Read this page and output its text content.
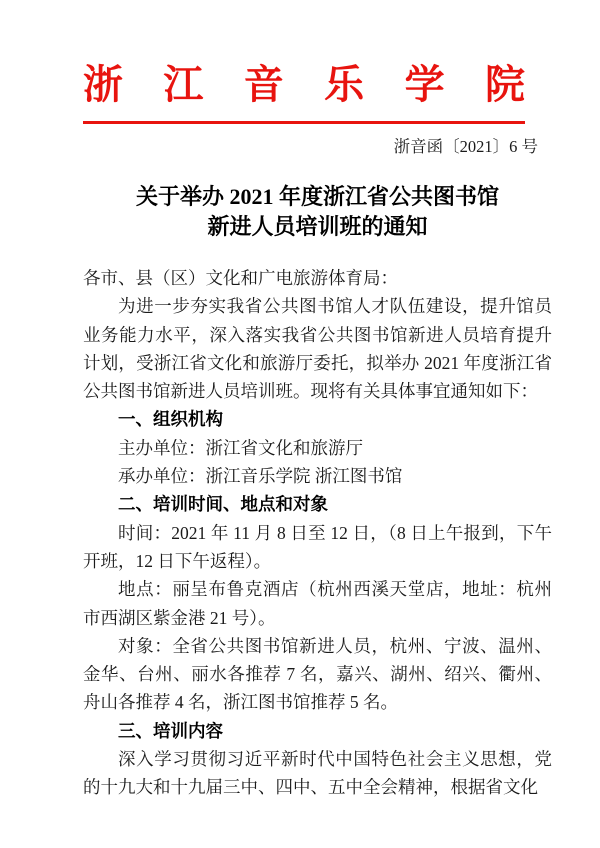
浙 江 音 乐 学 院
浙音函〔2021〕6 号
关于举办 2021 年度浙江省公共图书馆
新进人员培训班的通知

各市、县（区）文化和广电旅游体育局：

为进一步夯实我省公共图书馆人才队伍建设，提升馆员业务能力水平，深入落实我省公共图书馆新进人员培育提升计划，受浙江省文化和旅游厅委托，拟举办 2021 年度浙江省公共图书馆新进人员培训班。现将有关具体事宜通知如下：

一、组织机构

主办单位：浙江省文化和旅游厅

承办单位：浙江音乐学院 浙江图书馆

二、培训时间、地点和对象

时间：2021 年 11 月 8 日至 12 日，（8 日上午报到，下午开班，12 日下午返程）。

地点：丽呈布鲁克酒店（杭州西溪天堂店，地址：杭州市西湖区紫金港 21 号）。

对象：全省公共图书馆新进人员，杭州、宁波、温州、金华、台州、丽水各推荐 7 名，嘉兴、湖州、绍兴、衢州、舟山各推荐 4 名，浙江图书馆推荐 5 名。

三、培训内容

深入学习贯彻习近平新时代中国特色社会主义思想，党的十九大和十九届三中、四中、五中全会精神，根据省文化
